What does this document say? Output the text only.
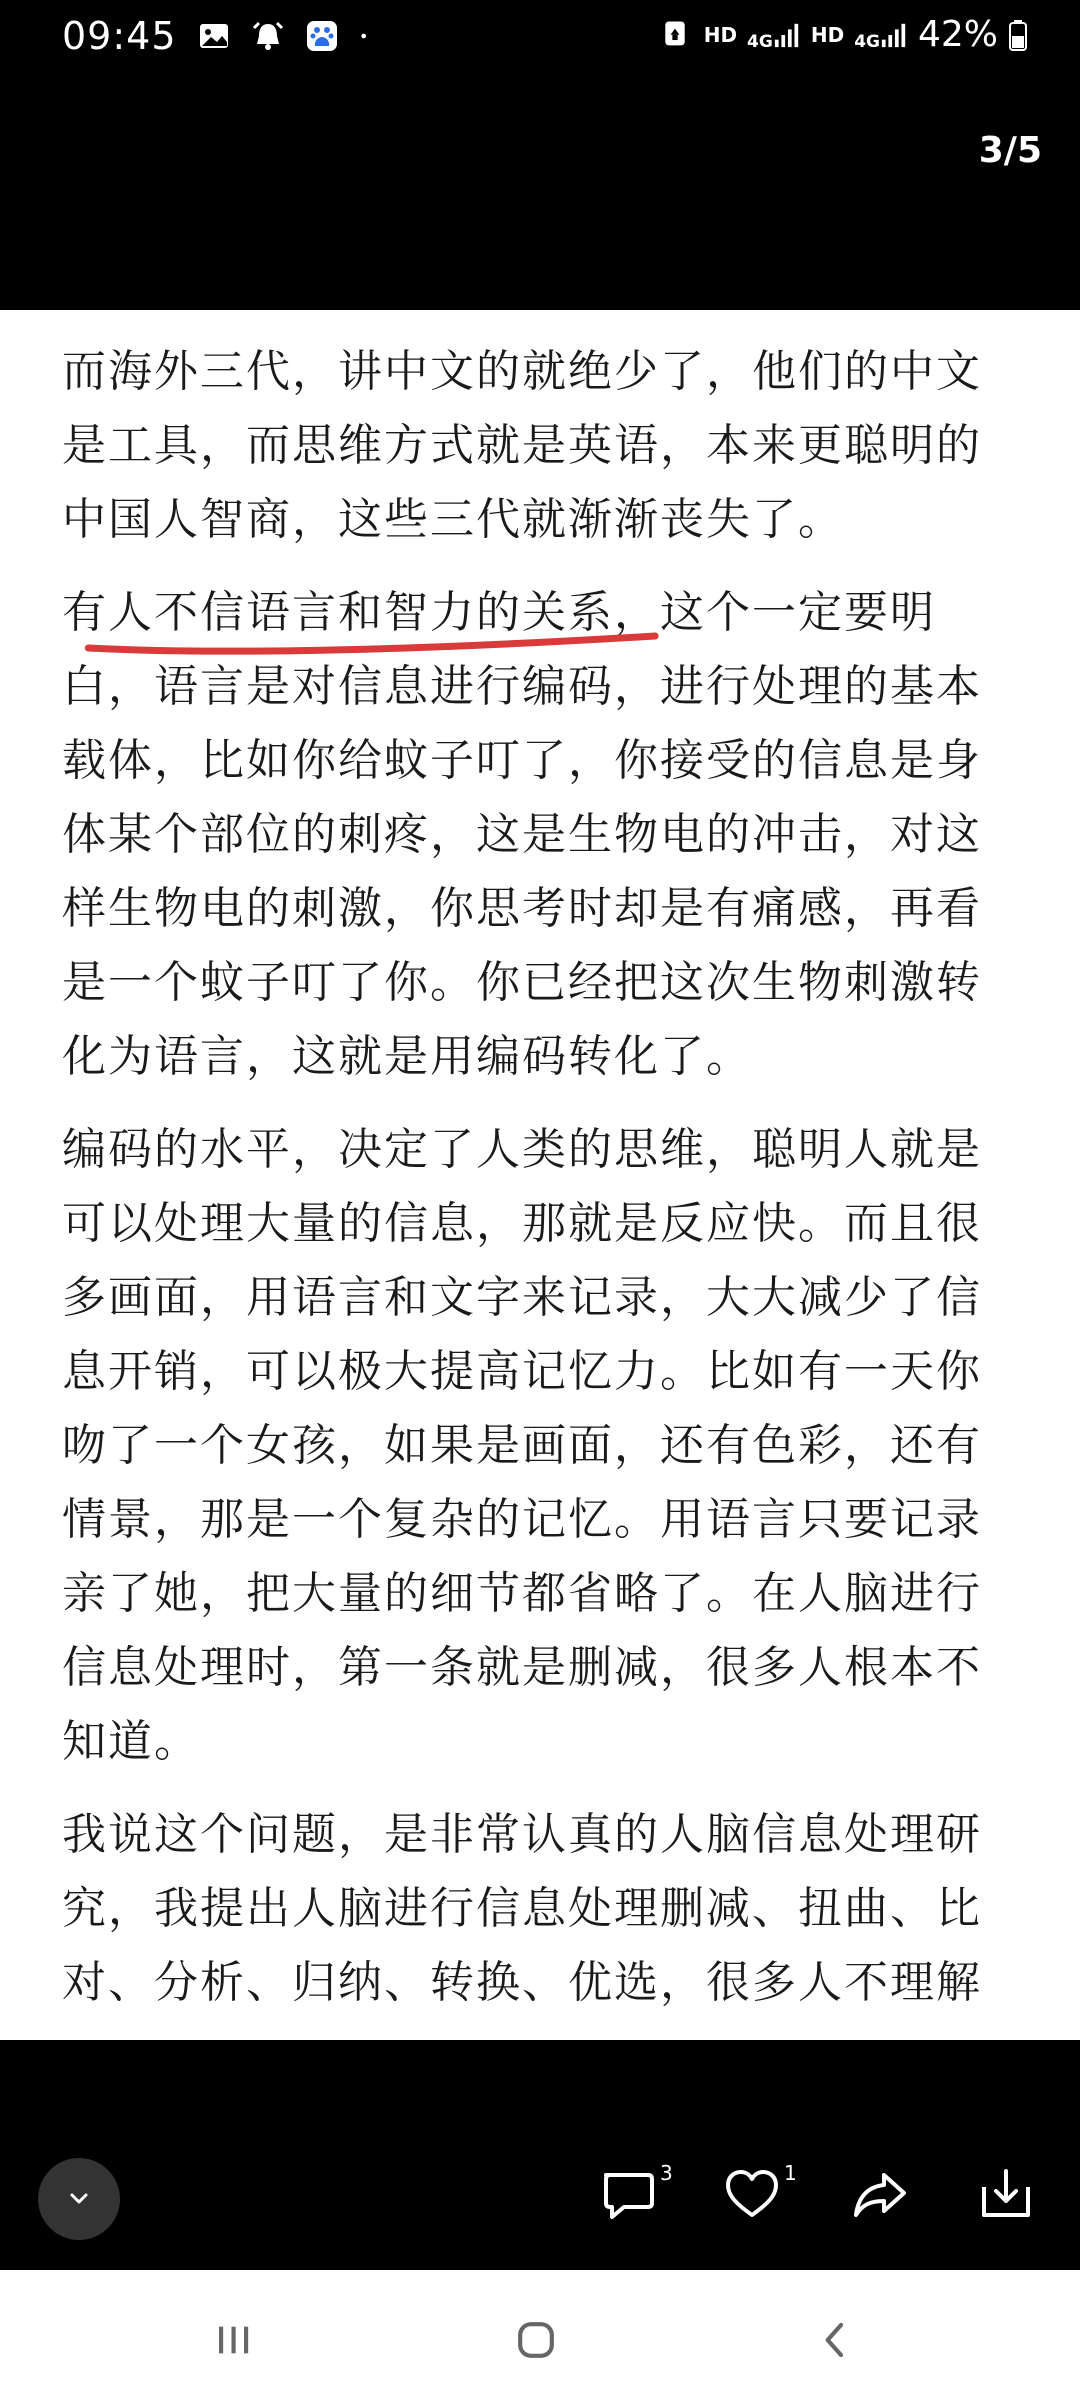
09:45	HD 4G HD 4G 42%
3/5

而海外三代，讲中文的就绝少了，他们的中文是工具，而思维方式就是英语，本来更聪明的中国人智商，这些三代就渐渐丧失了。

有人不信语言和智力的关系
，这个一定要明白，语言是对信息进行编码，进行处理的基本载体，比如你给蚊子叮了，你接受的信息是身体某个部位的刺疼，这是生物电的冲击，对这样生物电的刺激，你思考时却是有痛感，再看是一个蚊子叮了你。你已经把这次生物刺激转化为语言，这就是用编码转化了。

编码的水平，决定了人类的思维，聪明人就是可以处理大量的信息，那就是反应快。而且很多画面，用语言和文字来记录，大大减少了信息开销，可以极大提高记忆力。比如有一天你吻了一个女孩，如果是画面，还有色彩，还有情景，那是一个复杂的记忆。用语言只要记录亲了她，把大量的细节都省略了。在人脑进行信息处理时，第一条就是删减，很多人根本不知道。

我说这个问题，是非常认真的人脑信息处理研究，我提出人脑进行信息处理删减、扭曲、比对、分析、归纳、转换、优选，很多人不理解

3	1
